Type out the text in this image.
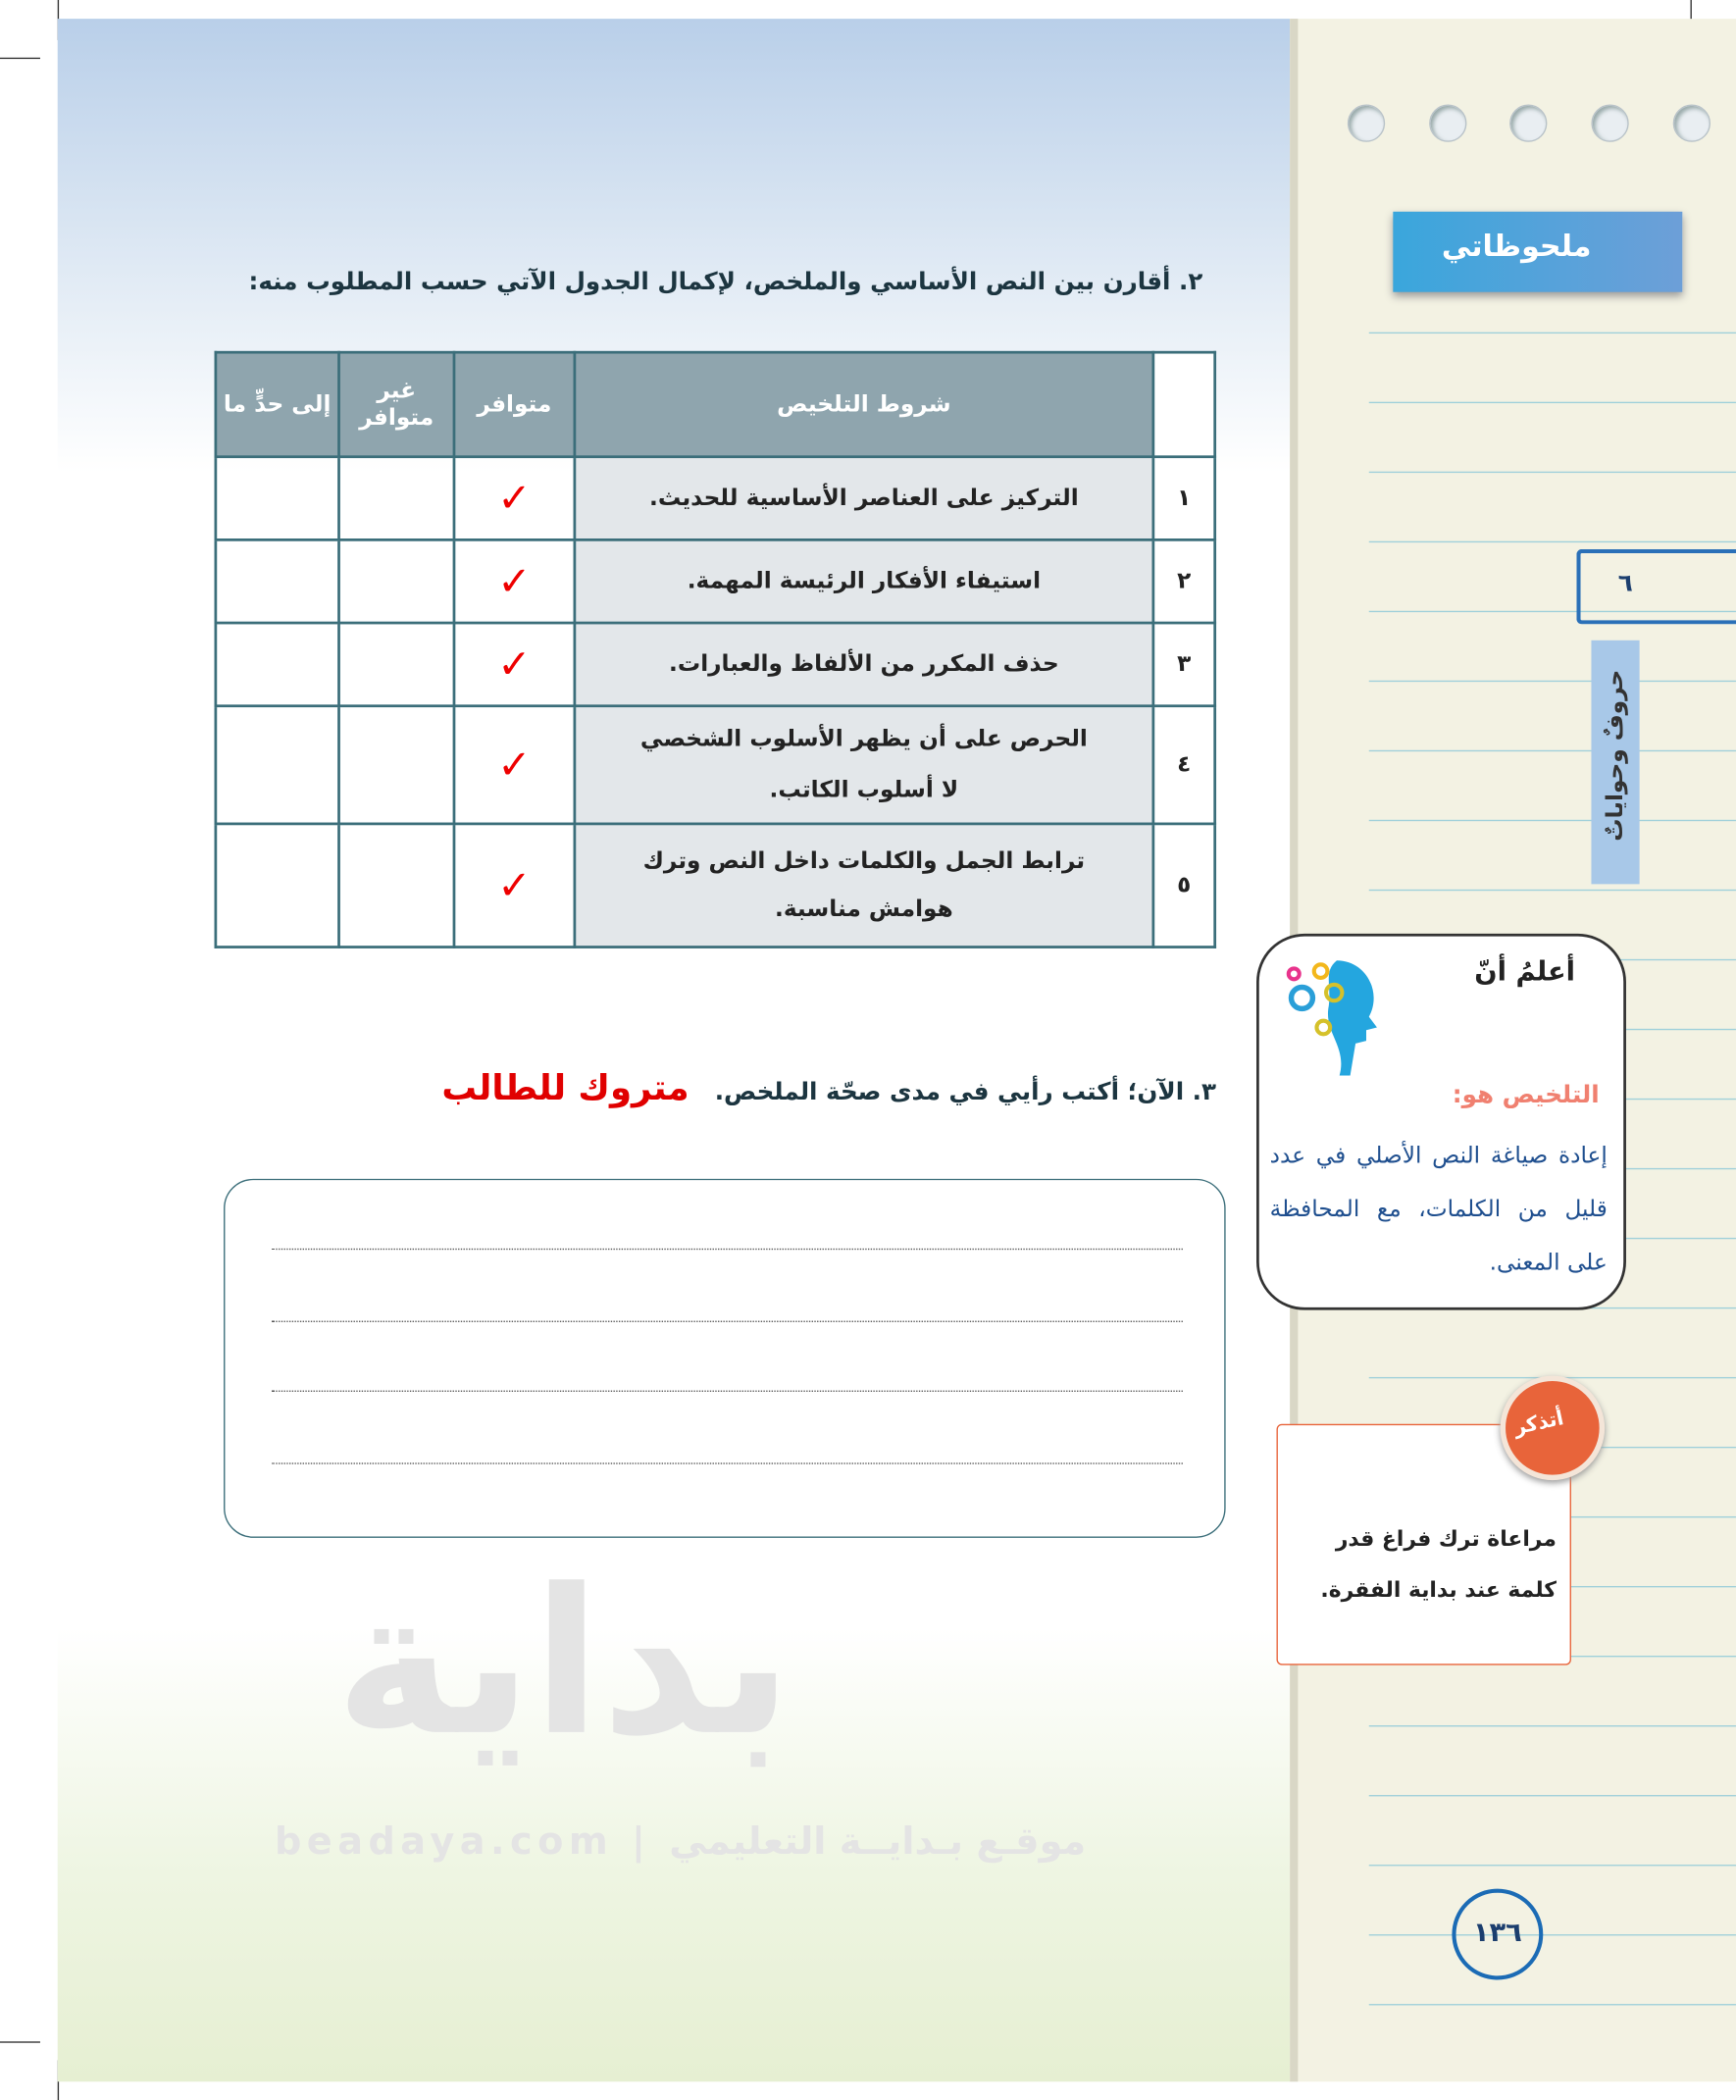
بداية
beadaya.com | موقـع بـدايــة التعليمي
٢. أقارن بين النص الأساسي والملخص، لإكمال الجدول الآتي حسب المطلوب منه:
	شروط التلخيص	متوافر	غير متوافر	إلى حدٍّ ما
١	التركيز على العناصر الأساسية للحديث.	✓		
٢	استيفاء الأفكار الرئيسة المهمة.	✓		
٣	حذف المكرر من الألفاظ والعبارات.	✓		
٤	الحرص على أن يظهر الأسلوب الشخصي لا أسلوب الكاتب.	✓		
٥	ترابط الجمل والكلمات داخل النص وترك هوامش مناسبة.	✓		
٣. الآن؛ أكتب رأيي في مدى صحّة الملخص. متروك للطالب
ملحوظاتي
٦
حروفٌ وحواياتٌ
أعلمُ أنّ
التلخيص هو:
إعادة صياغة النص الأصلي في عدد قليل من الكلمات، مع المحافظة على المعنى.
مراعاة ترك فراغ قدر كلمة عند بداية الفقرة.
أتذكر
١٣٦
